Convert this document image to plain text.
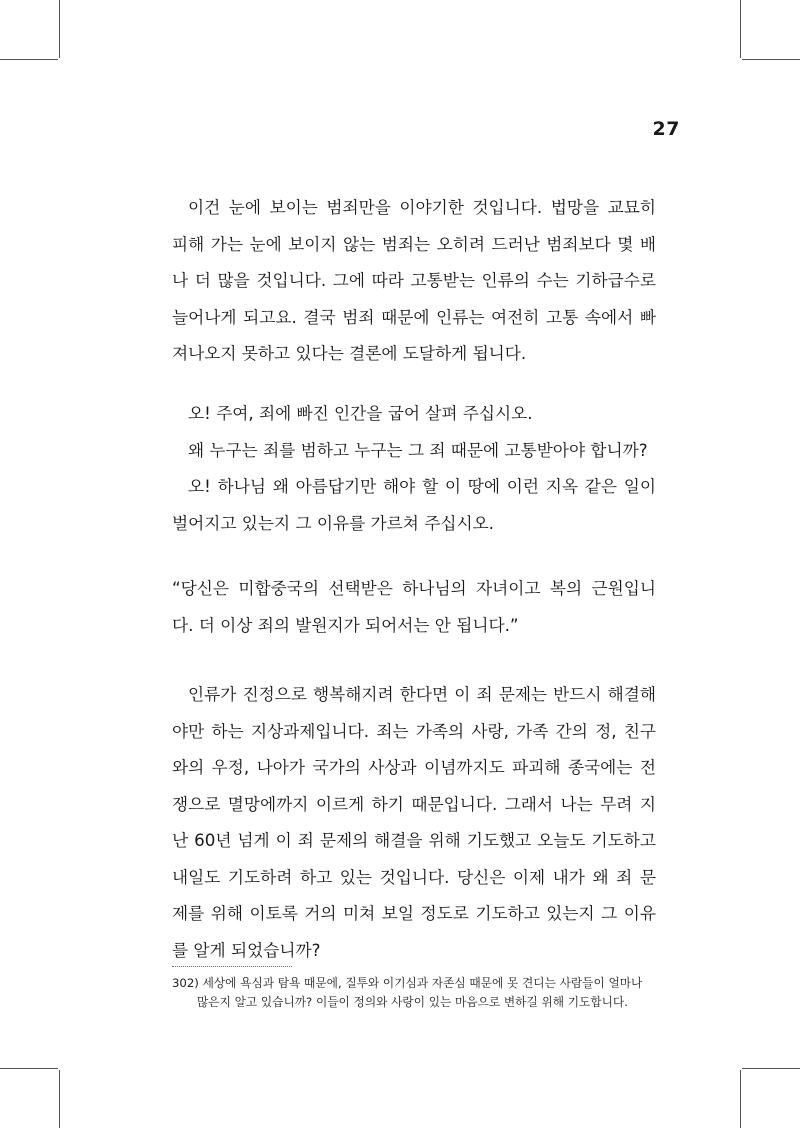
27
이건 눈에 보이는 범죄만을 이야기한 것입니다. 법망을 교묘히
피해 가는 눈에 보이지 않는 범죄는 오히려 드러난 범죄보다 몇 배
나 더 많을 것입니다. 그에 따라 고통받는 인류의 수는 기하급수로
늘어나게 되고요. 결국 범죄 때문에 인류는 여전히 고통 속에서 빠
져나오지 못하고 있다는 결론에 도달하게 됩니다.
오! 주여, 죄에 빠진 인간을 굽어 살펴 주십시오.
왜 누구는 죄를 범하고 누구는 그 죄 때문에 고통받아야 합니까?
오! 하나님 왜 아름답기만 해야 할 이 땅에 이런 지옥 같은 일이
벌어지고 있는지 그 이유를 가르쳐 주십시오.
“당신은 미합중국의 선택받은 하나님의 자녀이고 복의 근원입니
다. 더 이상 죄의 발원지가 되어서는 안 됩니다.”
인류가 진정으로 행복해지려 한다면 이 죄 문제는 반드시 해결해
야만 하는 지상과제입니다. 죄는 가족의 사랑, 가족 간의 정, 친구
와의 우정, 나아가 국가의 사상과 이념까지도 파괴해 종국에는 전
쟁으로 멸망에까지 이르게 하기 때문입니다. 그래서 나는 무려 지
난 60년 넘게 이 죄 문제의 해결을 위해 기도했고 오늘도 기도하고
내일도 기도하려 하고 있는 것입니다. 당신은 이제 내가 왜 죄 문
제를 위해 이토록 거의 미쳐 보일 정도로 기도하고 있는지 그 이유
를 알게 되었습니까?
302) 세상에 욕심과 탐욕 때문에, 질투와 이기심과 자존심 때문에 못 견디는 사람들이 얼마나
많은지 알고 있습니까? 이들이 정의와 사랑이 있는 마음으로 변하길 위해 기도합니다.
